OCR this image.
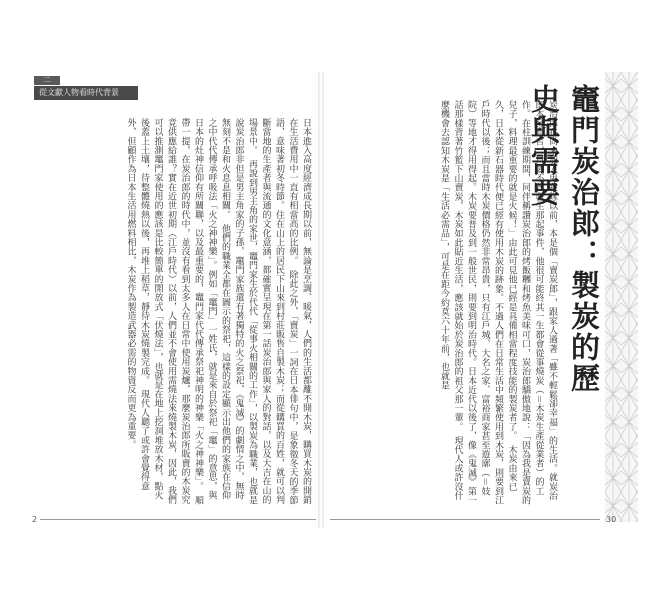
二
從文獻人物看時代背景
日本進入高度經濟成長期以前，無論是烹調、暖氣，人們的生活都離不開木炭，購買木炭的開銷在生活費用中一直有相當高的比例。　除此之外，「賣炭」一詞在日本俳句中，是象徵冬天的季節語，意味著初冬時節。住在山上的居民下山來到村莊販售自製木炭；而從購買的百姓，就可以判斷當地的生產者與流通的文化意涵，都確實呈現在第一話炭治郎與家人的對話，以及大吉在山的場景中。　再說到男主角的家世，竈門家生於代代「從事火相關的工作」，以製炭為職業，也就是說炭治郎非但是男主角家的子孫，竈門家族還有著獨特的火之祭祀，《鬼滅》的劇情之中，無時無刻不是和火息息相關。　他們的職業全都在圖示的祭祀，這樣的設定顯示出他們的家族在信仰之中代代傳承呼吸法「火之神神樂」。例如「竈門」一姓氏，就是來自於祭祀「竈」的意思，與日本的灶神信仰有所關聯，以及最重要的，竈門家代代傳承祭祀神明的神樂「火之神神樂」。　順帶一提，在炭治郎的時代中，並沒有看到太多人在日常中使用炭爐，那麼炭治郎所販賣的木炭究竟供應給誰？實在近世初期（江戶時代）以前，人們並不會使用需燒法來燒製木炭，因此，我們可以推測竈門家使用的應該是比較簡單的開放式「伏燒法」，也就是在地上挖洞堆放木材，點火後蓋上土壤，待整體燒熱以後，再堆上稻草，靜待木炭燒製完成。　現代人聽了或許會覺得意外，但顧作為日本生活用燃料相比，木炭作為製造武器必需的物資反而更為重要。	炭治郎在尚未加入鬼殺隊以前，本是個「賣炭郎」，跟家人過著「雖不輕鬆卻幸福」的生活。就炭治郎本身而言，只要不曾發生那起事件，他很可能終其一生都會從事燒炭（＝木炭生產從業者）的工作。在柱訓練期間，同伴稱讚炭治郎的烤飯糰和烤魚美味可口，炭治郎驕傲地說：「因為我是賣炭的兒子，料理最重要的就是火候！」由此可見他已經是具備相當程度技能的製炭者了。　木炭由來已久，日本從新石器時代便已經有使用木炭的跡象。不過人們在日常生活中頻繁使用到木炭，則要到江戶時代以後；而且當時木炭價格仍然非常昂貴，只有江戶城、大名之家、富裕商家甚至遊廓（＝妓院）等地才得用得起。木炭要普及到一般世民，則要到明治時代。日本近代以後了，像《鬼滅》第一話那樣背著竹籃下山賣炭，木炭如此貼近生活，應該就始於炭治郎的祖父那一輩。　現代人或許沒什麼機會去認知木炭是「生活必需品」，可是在距今約莫六十年前，也就是	竈門炭治郎：製炭的歷史與需要
2	30
